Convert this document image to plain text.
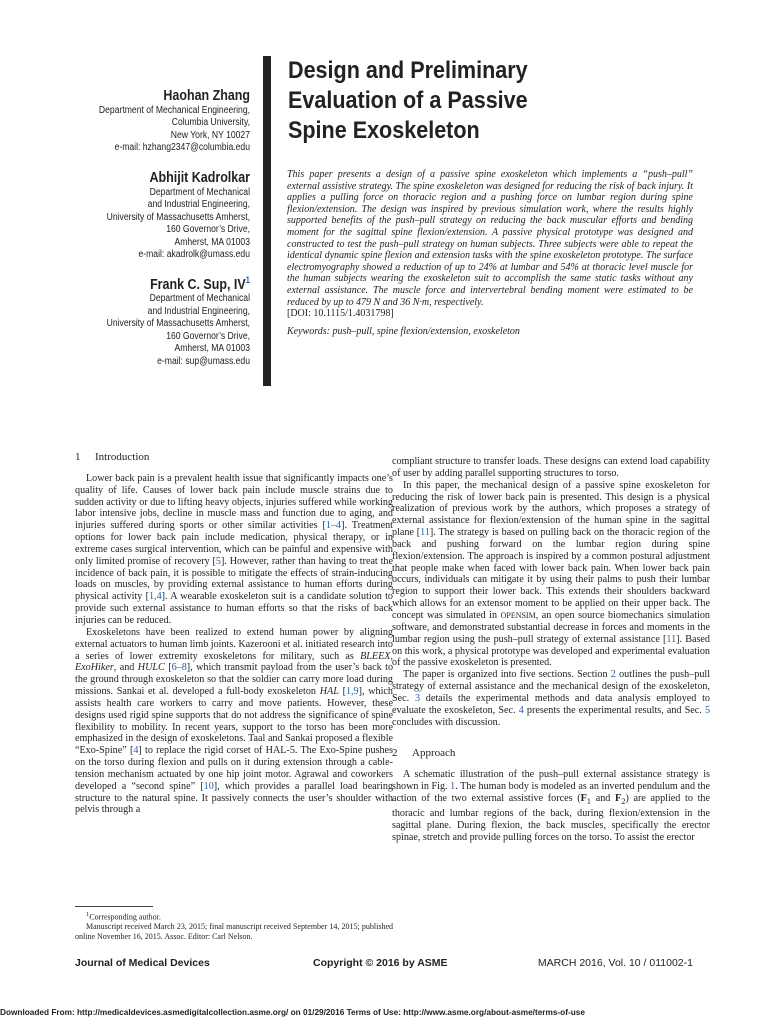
Haohan Zhang
Department of Mechanical Engineering,
Columbia University,
New York, NY 10027
e-mail: hzhang2347@columbia.edu
Abhijit Kadrolkar
Department of Mechanical
and Industrial Engineering,
University of Massachusetts Amherst,
160 Governor’s Drive,
Amherst, MA 01003
e-mail: akadrolk@umass.edu
Frank C. Sup, $IV^1$
Department of Mechanical
and Industrial Engineering,
University of Massachusetts Amherst,
160 Governor’s Drive,
Amherst, MA 01003
e-mail: sup@umass.edu
Design and Preliminary
Evaluation of a Passive
Spine Exoskeleton

This paper presents a design of a passive spine exoskeleton which implements a “push–pull” external assistive strategy. The spine exoskeleton was designed for reducing the risk of back injury. It applies a pulling force on thoracic region and a pushing force on lumbar region during spine flexion/extension. The design was inspired by previous simulation work, where the results highly supported benefits of the push–pull strategy on reducing the back muscular efforts and bending moment for the sagittal spine flexion/extension. A passive physical prototype was designed and constructed to test the push–pull strategy on human subjects. Three subjects were able to repeat the identical dynamic spine flexion and extension tasks with the spine exoskeleton prototype. The surface electromyography showed a reduction of up to 24% at lumbar and 54% at thoracic level muscle for the human subjects wearing the exoskeleton suit to accomplish the same static tasks without any external assistance. The muscle force and intervertebral bending moment were estimated to be reduced by up to 479 N and 36 N·m, respectively.

[DOI: 10.1115/1.4031798]

Keywords: push–pull, spine flexion/extension, exoskeleton

1 Introduction

Lower back pain is a prevalent health issue that significantly impacts one’s quality of life. Causes of lower back pain include muscle strains due to sudden activity or due to lifting heavy objects, injuries suffered while working labor intensive jobs, decline in muscle mass and function due to aging, and injuries suffered during sports or other similar activities [1–4]. Treatment options for lower back pain include medication, physical therapy, or in extreme cases surgical intervention, which can be painful and expensive with only limited promise of recovery [5]. However, rather than having to treat the incidence of back pain, it is possible to mitigate the effects of strain-inducing loads on muscles, by providing external assistance to human efforts during physical activity [1,4]. A wearable exoskeleton suit is a candidate solution to provide such external assistance to human efforts so that the risks of back injuries can be reduced.

Exoskeletons have been realized to extend human power by aligning external actuators to human limb joints. Kazerooni et al. initiated research into a series of lower extremity exoskeletons for military, such as BLEEX, ExoHiker, and HULC [6–8], which transmit payload from the user’s back to the ground through exoskeleton so that the soldier can carry more load during missions. Sankai et al. developed a full-body exoskeleton HAL [1,9], which assists health care workers to carry and move patients. However, these designs used rigid spine supports that do not address the significance of spine flexibility to mobility. In recent years, support to the torso has been more emphasized in the design of exoskeletons. Taal and Sankai proposed a flexible “Exo-Spine” [4] to replace the rigid corset of HAL-5. The Exo-Spine pushes on the torso during flexion and pulls on it during extension through a cable-tension mechanism actuated by one hip joint motor. Agrawal and coworkers developed a “second spine” [10], which provides a parallel load bearing structure to the natural spine. It passively connects the user’s shoulder with pelvis through a

compliant structure to transfer loads. These designs can extend load capability of user by adding parallel supporting structures to torso.

In this paper, the mechanical design of a passive spine exoskeleton for reducing the risk of lower back pain is presented. This design is a physical realization of previous work by the authors, which proposes a strategy of external assistance for flexion/extension of the human spine in the sagittal plane [11]. The strategy is based on pulling back on the thoracic region of the back and pushing forward on the lumbar region during spine flexion/extension. The approach is inspired by a common postural adjustment that people make when faced with lower back pain. When lower back pain occurs, individuals can mitigate it by using their palms to push their lumbar region to support their lower back. This extends their shoulders backward which allows for an extensor moment to be applied on their upper back. The concept was simulated in OPENSIM, an open source biomechanics simulation software, and demonstrated substantial decrease in forces and moments in the lumbar region using the push–pull strategy of external assistance [11]. Based on this work, a physical prototype was developed and experimental evaluation of the passive exoskeleton is presented.

The paper is organized into five sections. Section 2 outlines the push–pull strategy of external assistance and the mechanical design of the exoskeleton, Sec. 3 details the experimental methods and data analysis employed to evaluate the exoskeleton, Sec. 4 presents the experimental results, and Sec. 5 concludes with discussion.

2 Approach

A schematic illustration of the push–pull external assistance strategy is shown in Fig. 1. The human body is modeled as an inverted pendulum and the action of the two external assistive forces ($F_1$ and $F_2$) are applied to the thoracic and lumbar regions of the back, during flexion/extension in the sagittal plane. During flexion, the back muscles, specifically the erector spinae, stretch and provide pulling forces on the torso. To assist the erector

$^1$Corresponding author.

Manuscript received March 23, 2015; final manuscript received September 14, 2015; published online November 16, 2015. Assoc. Editor: Carl Nelson.

Journal of Medical Devices	Copyright © 2016 by ASME	MARCH 2016, Vol. 10 / 011002-1
Downloaded From: http://medicaldevices.asmedigitalcollection.asme.org/ on 01/29/2016 Terms of Use: http://www.asme.org/about-asme/terms-of-use
